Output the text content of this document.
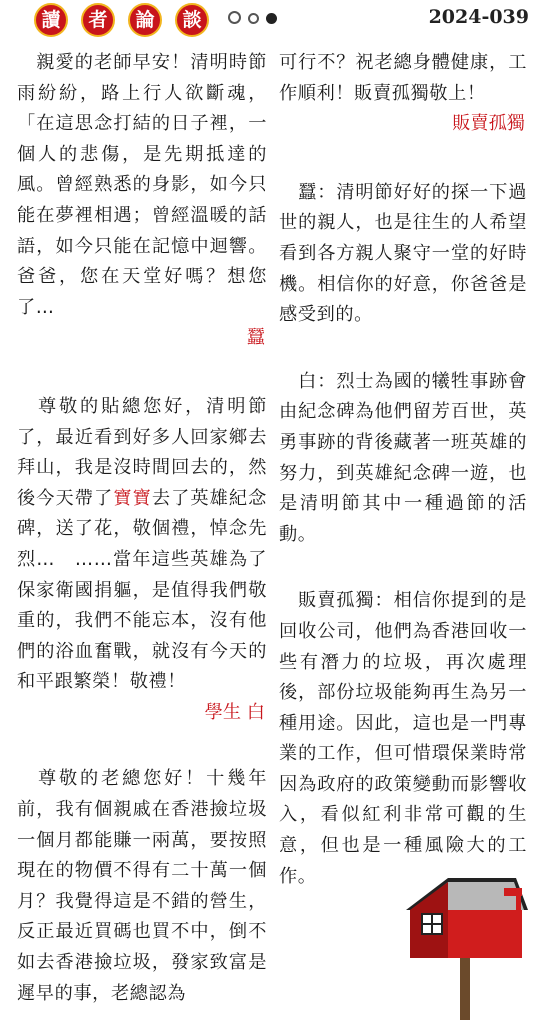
讀	者	論	談	2024-039

　親愛的老師早安！清明時節雨紛紛，路上行人欲斷魂，「在這思念打結的日子裡，一個人的悲傷，是先期抵達的風。曾經熟悉的身影，如今只能在夢裡相遇；曾經溫暖的話語，如今只能在記憶中迴響。爸爸，您在天堂好嗎？想您了…

蠶

　尊敬的貼總您好，清明節了，最近看到好多人回家鄉去拜山，我是沒時間回去的，然後今天帶了寶寶去了英雄紀念碑，送了花，敬個禮，悼念先烈…　……當年這些英雄為了保家衛國捐軀，是值得我們敬重的，我們不能忘本，沒有他們的浴血奮戰，就沒有今天的和平跟繁榮！敬禮！

學生 白

　尊敬的老總您好！十幾年前，我有個親戚在香港撿垃圾一個月都能賺一兩萬，要按照現在的物價不得有二十萬一個月？我覺得這是不錯的營生，反正最近買碼也買不中，倒不如去香港撿垃圾，發家致富是遲早的事，老總認為

可行不？祝老總身體健康，工作順利！販賣孤獨敬上！

販賣孤獨

　蠶：清明節好好的探一下過世的親人，也是往生的人希望看到各方親人聚守一堂的好時機。相信你的好意，你爸爸是感受到的。

　白：烈士為國的犧牲事跡會由紀念碑為他們留芳百世，英勇事跡的背後藏著一班英雄的努力，到英雄紀念碑一遊，也是清明節其中一種過節的活動。

　販賣孤獨：相信你提到的是回收公司，他們為香港回收一些有潛力的垃圾，再次處理後，部份垃圾能夠再生為另一種用途。因此，這也是一門專業的工作，但可惜環保業時常因為政府的政策變動而影響收入，看似紅利非常可觀的生意，但也是一種風險大的工作。
